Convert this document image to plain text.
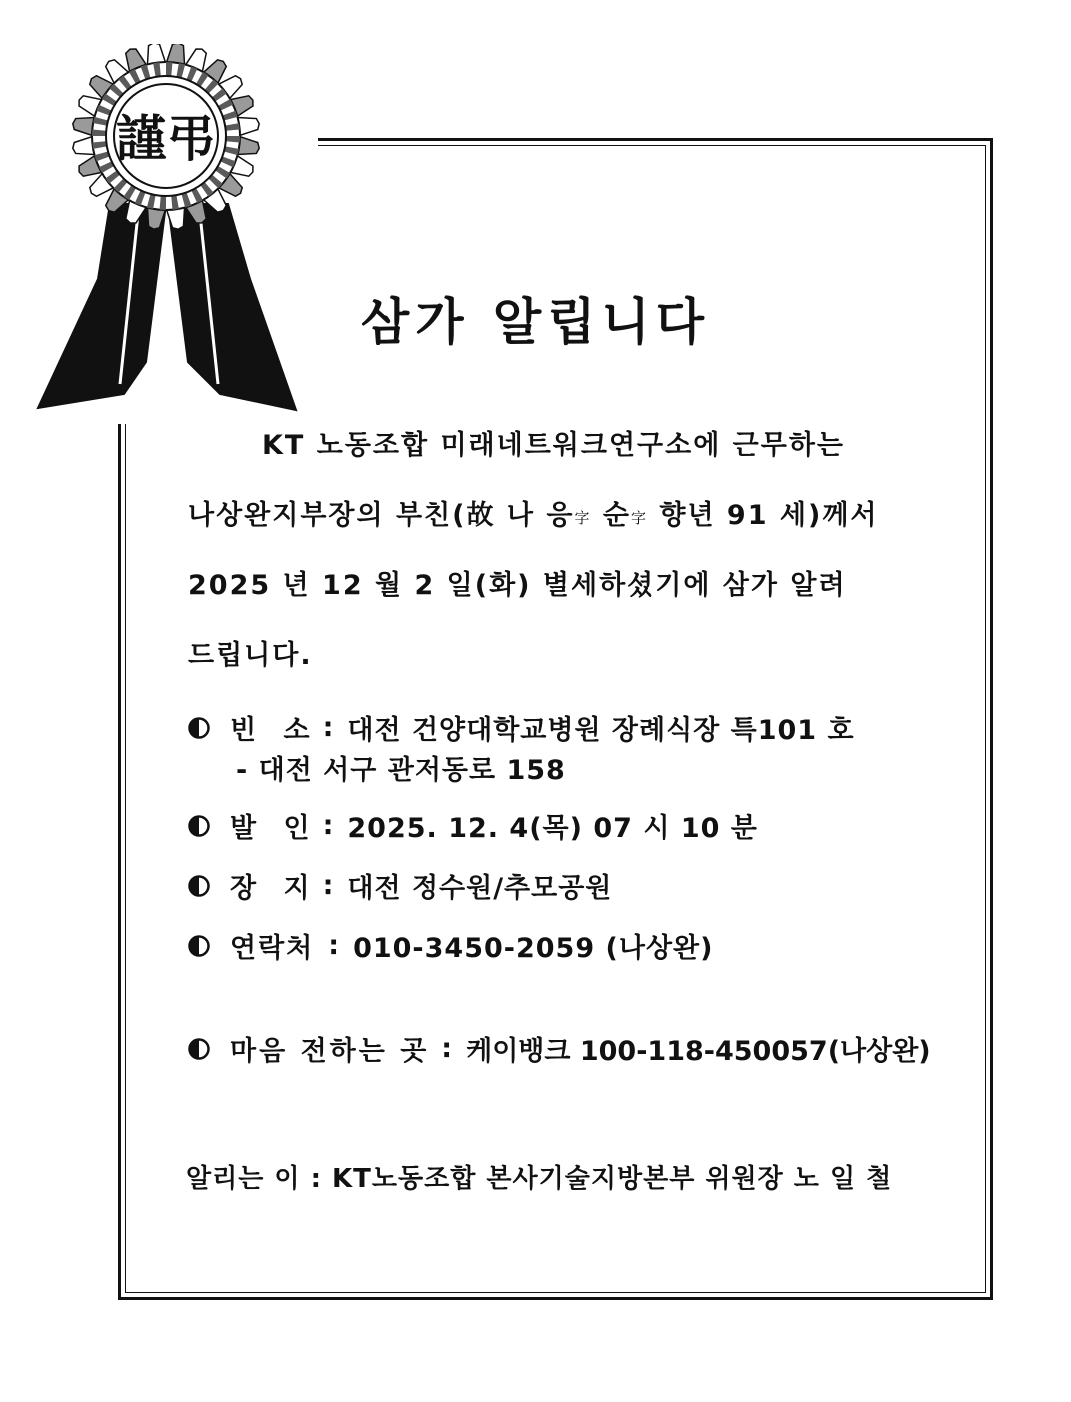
謹弔
삼가 알립니다
KT 노동조합 미래네트워크연구소에 근무하는
나상완지부장의 부친(故 나 응字 순字 향년 91 세)께서
2025 년 12 월 2 일(화) 별세하셨기에 삼가 알려
드립니다.
빈 소 : 대전 건양대학교병원 장례식장 특101 호
- 대전 서구 관저동로 158
발 인 : 2025. 12. 4(목) 07 시 10 분
장 지 : 대전 정수원/추모공원
연락처 : 010-3450-2059 (나상완)
마음 전하는 곳 : 케이뱅크 100-118-450057(나상완)
알리는 이 : KT노동조합 본사기술지방본부 위원장 노 일 철
